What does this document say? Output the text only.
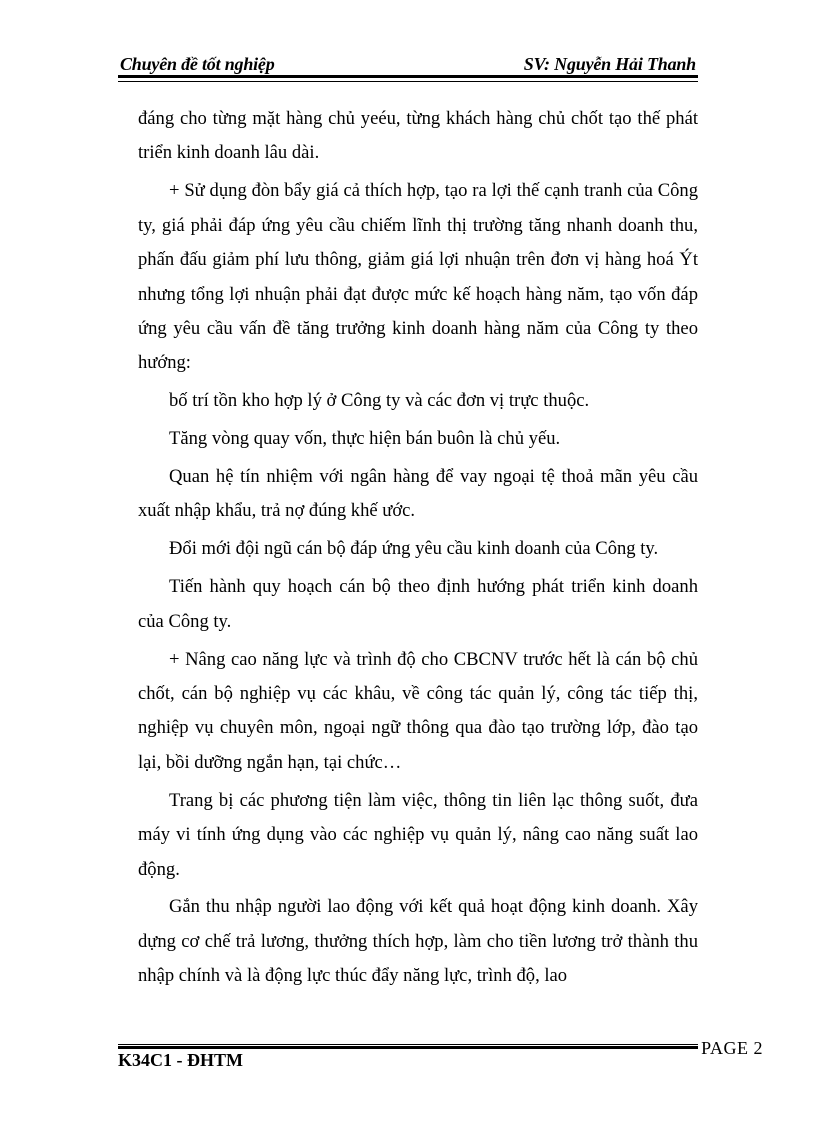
Chuyên đề tốt nghiệp	SV: Nguyễn Hải Thanh

đáng cho từng mặt hàng chủ yeéu, từng khách hàng chủ chốt tạo thế phát triển kinh doanh lâu dài.

+ Sử dụng đòn bẩy giá cả thích hợp, tạo ra lợi thế cạnh tranh của Công ty, giá phải đáp ứng yêu cầu chiếm lĩnh thị trường tăng nhanh doanh thu, phấn đấu giảm phí lưu thông, giảm giá lợi nhuận trên đơn vị hàng hoá Ýt nhưng tổng lợi nhuận phải đạt được mức kế hoạch hàng năm, tạo vốn đáp ứng yêu cầu vấn đề tăng trưởng kinh doanh hàng năm của Công ty theo hướng:

bố trí tồn kho hợp lý ở Công ty và các đơn vị trực thuộc.

Tăng vòng quay vốn, thực hiện bán buôn là chủ yếu.

Quan hệ tín nhiệm với ngân hàng để vay ngoại tệ thoả mãn yêu cầu xuất nhập khẩu, trả nợ đúng khế ước.

Đổi mới đội ngũ cán bộ đáp ứng yêu cầu kinh doanh của Công ty.

Tiến hành quy hoạch cán bộ theo định hướng phát triển kinh doanh của Công ty.

+ Nâng cao năng lực và trình độ cho CBCNV trước hết là cán bộ chủ chốt, cán bộ nghiệp vụ các khâu, về công tác quản lý, công tác tiếp thị, nghiệp vụ chuyên môn, ngoại ngữ thông qua đào tạo trường lớp, đào tạo lại, bồi dưỡng ngắn hạn, tại chức…

Trang bị các phương tiện làm việc, thông tin liên lạc thông suốt, đưa máy vi tính ứng dụng vào các nghiệp vụ quản lý, nâng cao năng suất lao động.

Gắn thu nhập người lao động với kết quả hoạt động kinh doanh. Xây dựng cơ chế trả lương, thưởng thích hợp, làm cho tiền lương trở thành thu nhập chính và là động lực thúc đẩy năng lực, trình độ, lao

K34C1 - ĐHTM
PAGE 2
